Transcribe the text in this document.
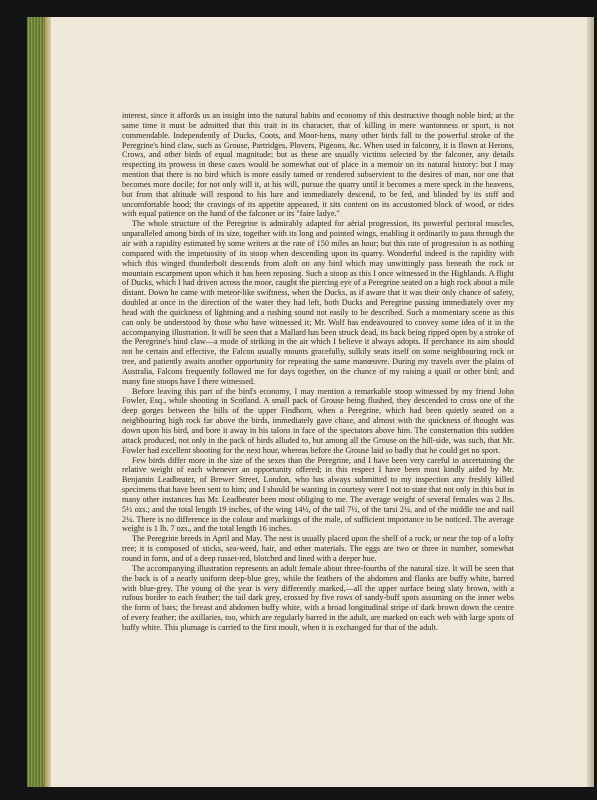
interest, since it affords us an insight into the natural habits and economy of this destructive though noble bird; at the same time it must be admitted that this trait in its character, that of killing in mere wantonness or sport, is not commendable. Independently of Ducks, Coots, and Moor-hens, many other birds fall to the powerful stroke of the Peregrine's hind claw, such as Grouse, Partridges, Plovers, Pigeons, &c. When used in falconry, it is flown at Herons, Crows, and other birds of equal magnitude; but as these are usually victims selected by the falconer, any details respecting its prowess in these cases would be somewhat out of place in a memoir on its natural history: but I may mention that there is no bird which is more easily tamed or rendered subservient to the desires of man, nor one that becomes more docile; for not only will it, at his will, pursue the quarry until it becomes a mere speck in the heavens, but from that altitude will respond to his lure and immediately descend, to be fed, and blinded by its stiff and uncomfortable hood; the cravings of its appetite appeased, it sits content on its accustomed block of wood, or rides with equal patience on the hand of the falconer or its "faire ladye."

The whole structure of the Peregrine is admirably adapted for aërial progression, its powerful pectoral muscles, unparalleled among birds of its size, together with its long and pointed wings, enabling it ordinarily to pass through the air with a rapidity estimated by some writers at the rate of 150 miles an hour; but this rate of progression is as nothing compared with the impetuosity of its stoop when descending upon its quarry. Wonderful indeed is the rapidity with which this winged thunderbolt descends from aloft on any bird which may unwittingly pass beneath the rock or mountain escarpment upon which it has been reposing. Such a stoop as this I once witnessed in the Highlands. A flight of Ducks, which I had driven across the moor, caught the piercing eye of a Peregrine seated on a high rock about a mile distant. Down he came with meteor-like swiftness, when the Ducks, as if aware that it was their only chance of safety, doubled at once in the direction of the water they had left, both Ducks and Peregrine passing immediately over my head with the quickness of lightning and a rushing sound not easily to be described. Such a momentary scene as this can only be understood by those who have witnessed it; Mr. Wolf has endeavoured to convey some idea of it in the accompanying illustration. It will be seen that a Mallard has been struck dead, its back being ripped open by a stroke of the Peregrine's hind claw—a mode of striking in the air which I believe it always adopts. If perchance its aim should not be certain and effective, the Falcon usually mounts gracefully, sulkily seats itself on some neighbouring rock or tree, and patiently awaits another opportunity for repeating the same manœuvre. During my travels over the plains of Australia, Falcons frequently followed me for days together, on the chance of my raising a quail or other bird; and many fine stoops have I there witnessed.

Before leaving this part of the bird's economy, I may mention a remarkable stoop witnessed by my friend John Fowler, Esq., while shooting in Scotland. A small pack of Grouse being flushed, they descended to cross one of the deep gorges between the hills of the upper Findhorn, when a Peregrine, which had been quietly seated on a neighbouring high rock far above the birds, immediately gave chase, and almost with the quickness of thought was down upon his bird, and bore it away in his talons in face of the spectators above him. The consternation this sudden attack produced, not only in the pack of birds alluded to, but among all the Grouse on the hill-side, was such, that Mr. Fowler had excellent shooting for the next hour, whereas before the Grouse laid so badly that he could get no sport.

Few birds differ more in the size of the sexes than the Peregrine, and I have been very careful in ascertaining the relative weight of each whenever an opportunity offered; in this respect I have been most kindly aided by Mr. Benjamin Leadbeater, of Brewer Street, London, who has always submitted to my inspection any freshly killed specimens that have been sent to him; and I should be wanting in courtesy were I not to state that not only in this but in many other instances has Mr. Leadbeater been most obliging to me. The average weight of several females was 2 lbs. 5½ ozs.; and the total length 19 inches, of the wing 14½, of the tail 7½, of the tarsi 2¼, and of the middle toe and nail 2¼. There is no difference in the colour and markings of the male, of sufficient importance to be noticed. The average weight is 1 lb. 7 ozs., and the total length 16 inches.

The Peregrine breeds in April and May. The nest is usually placed upon the shelf of a rock, or near the top of a lofty tree; it is composed of sticks, sea-weed, hair, and other materials. The eggs are two or three in number, somewhat round in form, and of a deep russet-red, blotched and lined with a deeper hue.

The accompanying illustration represents an adult female about three-fourths of the natural size. It will be seen that the back is of a nearly uniform deep-blue grey, while the feathers of the abdomen and flanks are buffy white, barred with blue-grey. The young of the year is very differently marked,—all the upper surface being slaty brown, with a rufous border to each feather; the tail dark grey, crossed by five rows of sandy-buff spots assuming on the inner webs the form of bars; the breast and abdomen buffy white, with a broad longitudinal stripe of dark brown down the centre of every feather; the axillaries, too, which are regularly barred in the adult, are marked on each web with large spots of buffy white. This plumage is carried to the first moult, when it is exchanged for that of the adult.
